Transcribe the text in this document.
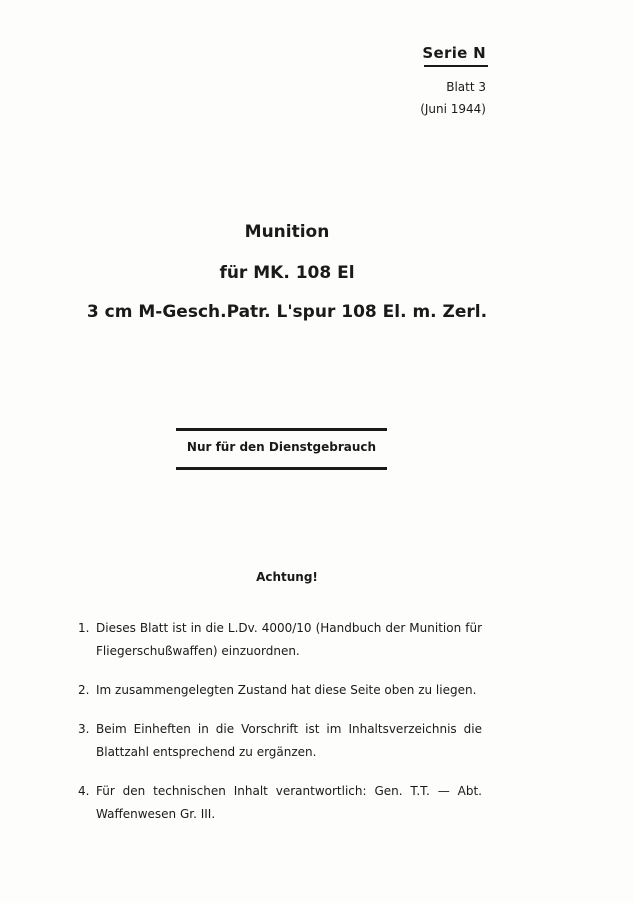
Serie N
Blatt 3
(Juni 1944)
Munition
für MK. 108 El
3 cm M-Gesch.Patr. L'spur 108 El. m. Zerl.
Nur für den Dienstgebrauch
Achtung!
1. Dieses Blatt ist in die L.Dv. 4000/10 (Handbuch der Munition für Fliegerschußwaffen) einzuordnen.
2. Im zusammengelegten Zustand hat diese Seite oben zu liegen.
3. Beim Einheften in die Vorschrift ist im Inhaltsverzeichnis die Blattzahl entsprechend zu ergänzen.
4. Für den technischen Inhalt verantwortlich: Gen. T.T. — Abt. Waffenwesen Gr. III.
